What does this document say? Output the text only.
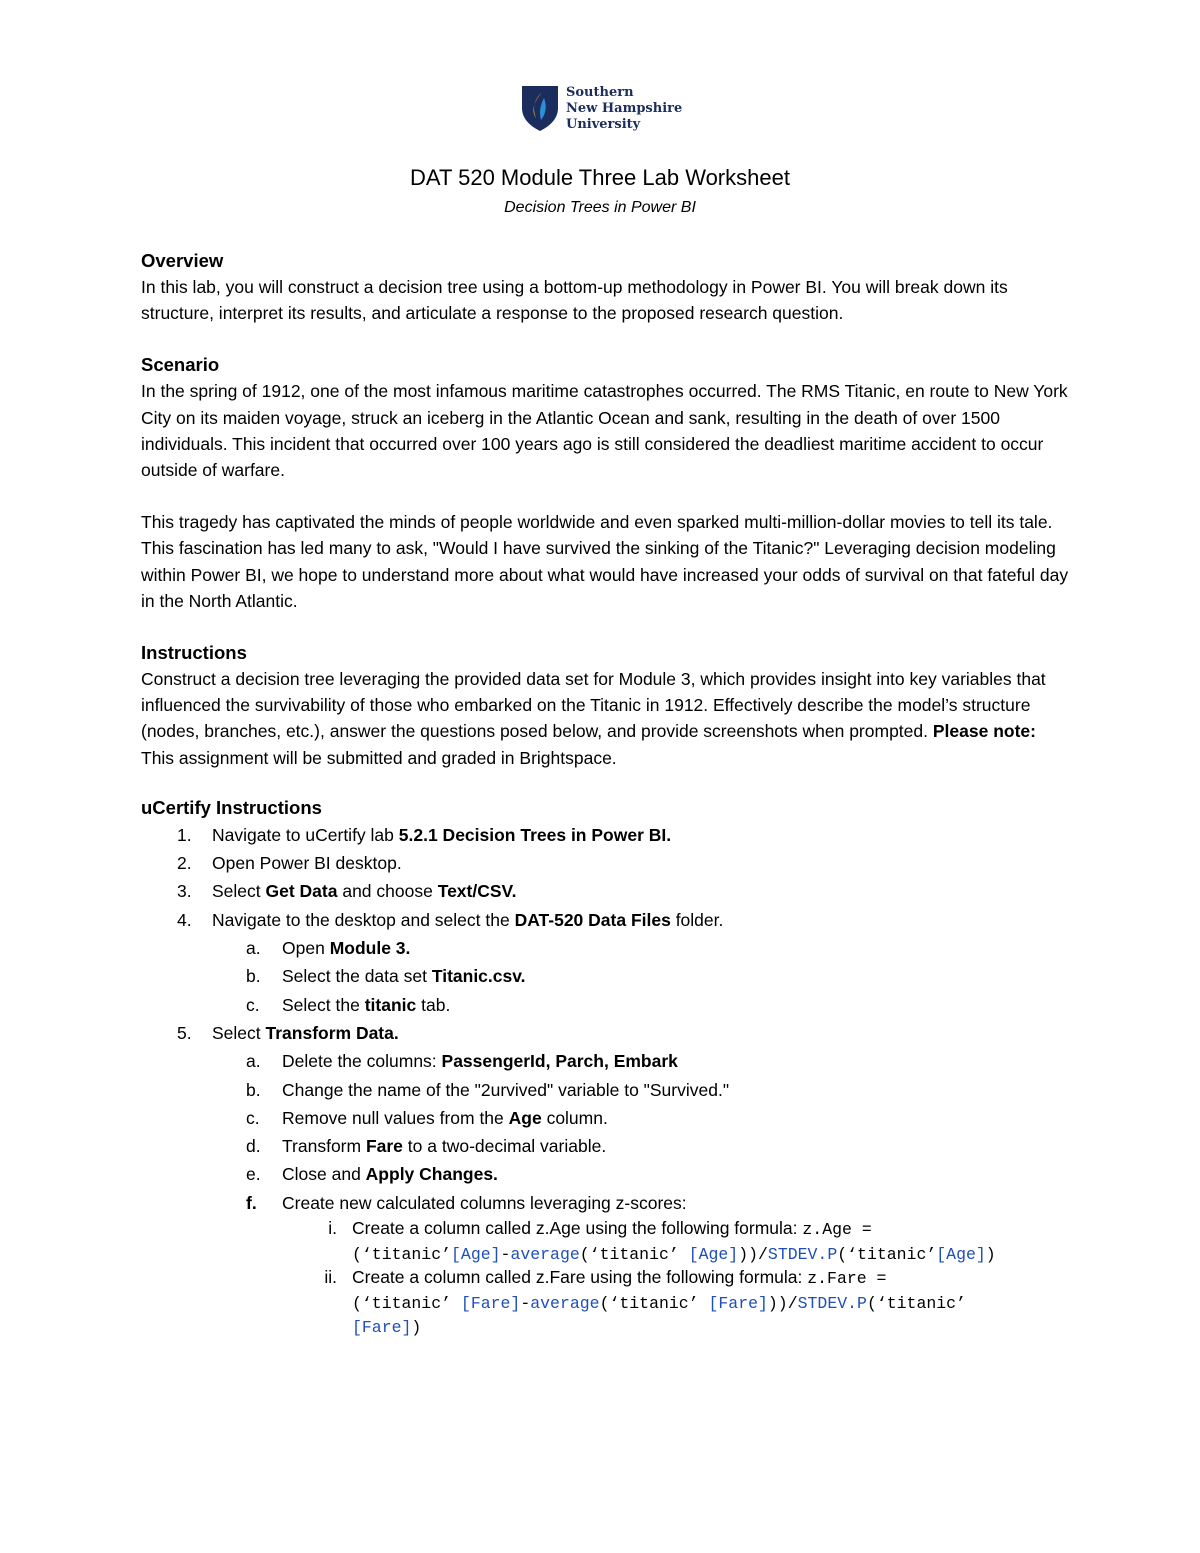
Southern
New Hampshire
University
DAT 520 Module Three Lab Worksheet
Decision Trees in Power BI
Overview

In this lab, you will construct a decision tree using a bottom-up methodology in Power BI. You will break down its structure, interpret its results, and articulate a response to the proposed research question.

Scenario

In the spring of 1912, one of the most infamous maritime catastrophes occurred. The RMS Titanic, en route to New York City on its maiden voyage, struck an iceberg in the Atlantic Ocean and sank, resulting in the death of over 1500 individuals. This incident that occurred over 100 years ago is still considered the deadliest maritime accident to occur outside of warfare.

This tragedy has captivated the minds of people worldwide and even sparked multi-million-dollar movies to tell its tale. This fascination has led many to ask, "Would I have survived the sinking of the Titanic?" Leveraging decision modeling within Power BI, we hope to understand more about what would have increased your odds of survival on that fateful day in the North Atlantic.

Instructions

Construct a decision tree leveraging the provided data set for Module 3, which provides insight into key variables that influenced the survivability of those who embarked on the Titanic in 1912. Effectively describe the model’s structure (nodes, branches, etc.), answer the questions posed below, and provide screenshots when prompted. Please note: This assignment will be submitted and graded in Brightspace.

uCertify Instructions
1.	Navigate to uCertify lab 5.2.1 Decision Trees in Power BI.
2.	Open Power BI desktop.
3.	Select Get Data and choose Text/CSV.
4.	Navigate to the desktop and select the DAT-520 Data Files folder.
a.	Open Module 3.
b.	Select the data set Titanic.csv.
c.	Select the titanic tab.
5.	Select Transform Data.
a.	Delete the columns: PassengerId, Parch, Embark
b.	Change the name of the "2urvived" variable to "Survived."
c.	Remove null values from the Age column.
d.	Transform Fare to a two-decimal variable.
e.	Close and Apply Changes.
f.	Create new calculated columns leveraging z-scores:
i. Create a column called z.Age using the following formula: z.Age =
(‘titanic’[Age]-average(‘titanic’ [Age]))/STDEV.P(‘titanic’[Age])
ii. Create a column called z.Fare using the following formula: z.Fare =
(‘titanic’ [Fare]-average(‘titanic’ [Fare]))/STDEV.P(‘titanic’
[Fare])
